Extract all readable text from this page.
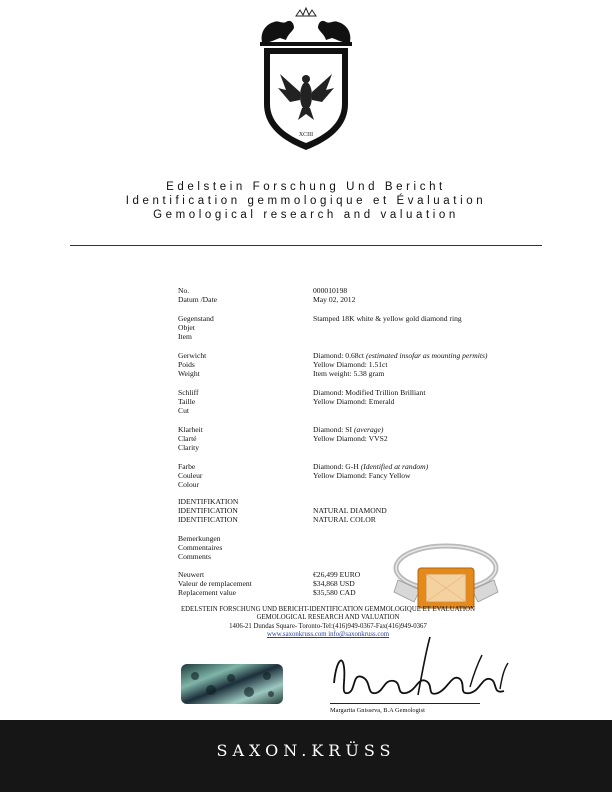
XCIII
Edelstein Forschung Und Bericht
Identification gemmologique et Évaluation
Gemological research and valuation
No.
Datum /Date
000010198
May 02, 2012
Gegenstand
Objet
Item
Stamped 18K white & yellow gold diamond ring
Gerwicht
Poids
Weight
Diamond: 0.68ct (estimated insofar as mounting permits)
Yellow Diamond: 1.51ct
Item weight: 5.38 gram
Schliff
Taille
Cut
Diamond: Modified Trillion Brilliant
Yellow Diamond: Emerald
Klarheit
Clarté
Clarity
Diamond: SI (average)
Yellow Diamond: VVS2
Farbe
Couleur
Colour
Diamond: G-H (Identified at random)
Yellow Diamond: Fancy Yellow
IDENTIFIKATION
IDENTIFICATION
IDENTIFICATION
NATURAL DIAMOND
NATURAL COLOR
Bemerkungen
Commentaires
Comments
Neuwert
Valeur de remplacement
Replacement value
€26,499 EURO
$34,868 USD
$35,580 CAD
EDELSTEIN FORSCHUNG UND BERICHT-IDENTIFICATION GEMMOLOGIQUE ET EVALUATION
GEMOLOGICAL RESEARCH AND VALUATION
1406-21 Dundas Square- Toronto-Tel:(416)949-0367-Fax(416)949-0367
www.saxonkruss.com info@saxonkruss.com
Margarita Gnisseva, B.A Gemologist
SAXON.KRÜSS
